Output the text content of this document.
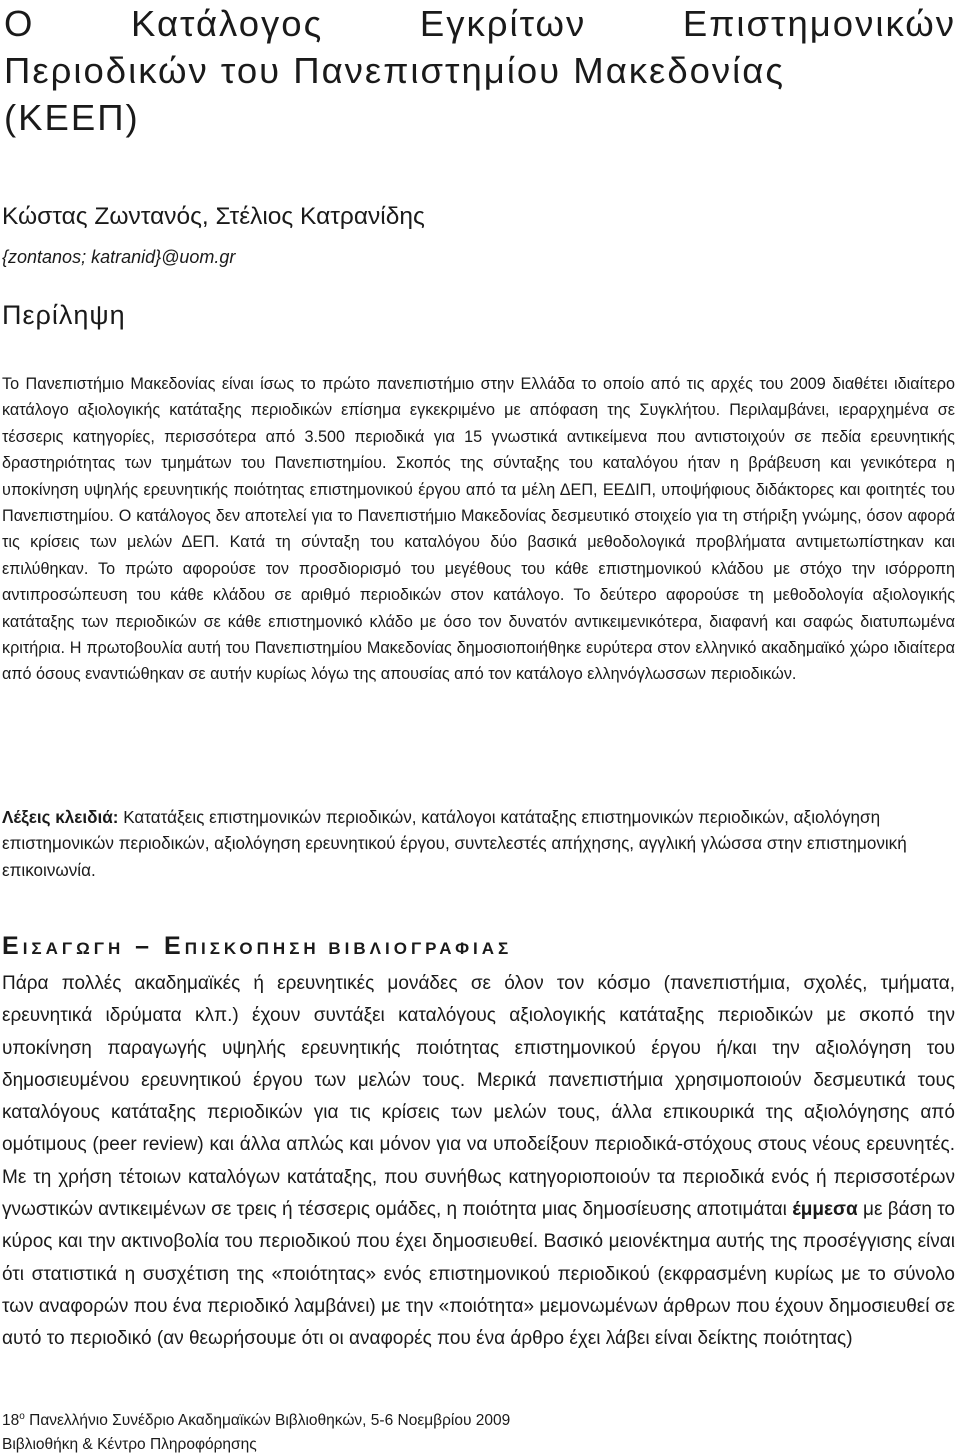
Ο Κατάλογος Εγκρίτων Επιστημονικών
Περιοδικών του Πανεπιστημίου Μακεδονίας
(ΚΕΕΠ)
Κώστας Ζωντανός, Στέλιος Κατρανίδης
{zontanos; katranid}@uom.gr
Περίληψη

Το Πανεπιστήμιο Μακεδονίας είναι ίσως το πρώτο πανεπιστήμιο στην Ελλάδα το οποίο από τις αρχές του 2009 διαθέτει ιδιαίτερο κατάλογο αξιολογικής κατάταξης περιοδικών επίσημα εγκεκριμένο με απόφαση της Συγκλήτου. Περιλαμβάνει, ιεραρχημένα σε τέσσερις κατηγορίες, περισσότερα από 3.500 περιοδικά για 15 γνωστικά αντικείμενα που αντιστοιχούν σε πεδία ερευνητικής δραστηριότητας των τμημάτων του Πανεπιστημίου. Σκοπός της σύνταξης του καταλόγου ήταν η βράβευση και γενικότερα η υποκίνηση υψηλής ερευνητικής ποιότητας επιστημονικού έργου από τα μέλη ΔΕΠ, ΕΕΔΙΠ, υποψήφιους διδάκτορες και φοιτητές του Πανεπιστημίου. Ο κατάλογος δεν αποτελεί για το Πανεπιστήμιο Μακεδονίας δεσμευτικό στοιχείο για τη στήριξη γνώμης, όσον αφορά τις κρίσεις των μελών ΔΕΠ. Κατά τη σύνταξη του καταλόγου δύο βασικά μεθοδολογικά προβλήματα αντιμετωπίστηκαν και επιλύθηκαν. Το πρώτο αφορούσε τον προσδιορισμό του μεγέθους του κάθε επιστημονικού κλάδου με στόχο την ισόρροπη αντιπροσώπευση του κάθε κλάδου σε αριθμό περιοδικών στον κατάλογο. Το δεύτερο αφορούσε τη μεθοδολογία αξιολογικής κατάταξης των περιοδικών σε κάθε επιστημονικό κλάδο με όσο τον δυνατόν αντικειμενικότερα, διαφανή και σαφώς διατυπωμένα κριτήρια. Η πρωτοβουλία αυτή του Πανεπιστημίου Μακεδονίας δημοσιοποιήθηκε ευρύτερα στον ελληνικό ακαδημαϊκό χώρο ιδιαίτερα από όσους εναντιώθηκαν σε αυτήν κυρίως λόγω της απουσίας από τον κατάλογο ελληνόγλωσσων περιοδικών.

Λέξεις κλειδιά: Κατατάξεις επιστημονικών περιοδικών, κατάλογοι κατάταξης επιστημονικών περιοδικών, αξιολόγηση επιστημονικών περιοδικών, αξιολόγηση ερευνητικού έργου, συντελεστές απήχησης, αγγλική γλώσσα στην επιστημονική επικοινωνία.

ΕΙΣΑΓΩΓΗ – ΕΠΙΣΚΟΠΗΣΗ ΒΙΒΛΙΟΓΡΑΦΙΑΣ

Πάρα πολλές ακαδημαϊκές ή ερευνητικές μονάδες σε όλον τον κόσμο (πανεπιστήμια, σχολές, τμήματα, ερευνητικά ιδρύματα κλπ.) έχουν συντάξει καταλόγους αξιολογικής κατάταξης περιοδικών με σκοπό την υποκίνηση παραγωγής υψηλής ερευνητικής ποιότητας επιστημονικού έργου ή/και την αξιολόγηση του δημοσιευμένου ερευνητικού έργου των μελών τους. Μερικά πανεπιστήμια χρησιμοποιούν δεσμευτικά τους καταλόγους κατάταξης περιοδικών για τις κρίσεις των μελών τους, άλλα επικουρικά της αξιολόγησης από ομότιμους (peer review) και άλλα απλώς και μόνον για να υποδείξουν περιοδικά-στόχους στους νέους ερευνητές. Με τη χρήση τέτοιων καταλόγων κατάταξης, που συνήθως κατηγοριοποιούν τα περιοδικά ενός ή περισσοτέρων γνωστικών αντικειμένων σε τρεις ή τέσσερις ομάδες, η ποιότητα μιας δημοσίευσης αποτιμάται έμμεσα με βάση το κύρος και την ακτινοβολία του περιοδικού που έχει δημοσιευθεί. Βασικό μειονέκτημα αυτής της προσέγγισης είναι ότι στατιστικά η συσχέτιση της «ποιότητας» ενός επιστημονικού περιοδικού (εκφρασμένη κυρίως με το σύνολο των αναφορών που ένα περιοδικό λαμβάνει) με την «ποιότητα» μεμονωμένων άρθρων που έχουν δημοσιευθεί σε αυτό το περιοδικό (αν θεωρήσουμε ότι οι αναφορές που ένα άρθρο έχει λάβει είναι δείκτης ποιότητας)

$18^o$ Πανελλήνιο Συνέδριο Ακαδημαϊκών Βιβλιοθηκών, 5-6 Νοεμβρίου 2009
Βιβλιοθήκη & Κέντρο Πληροφόρησης
